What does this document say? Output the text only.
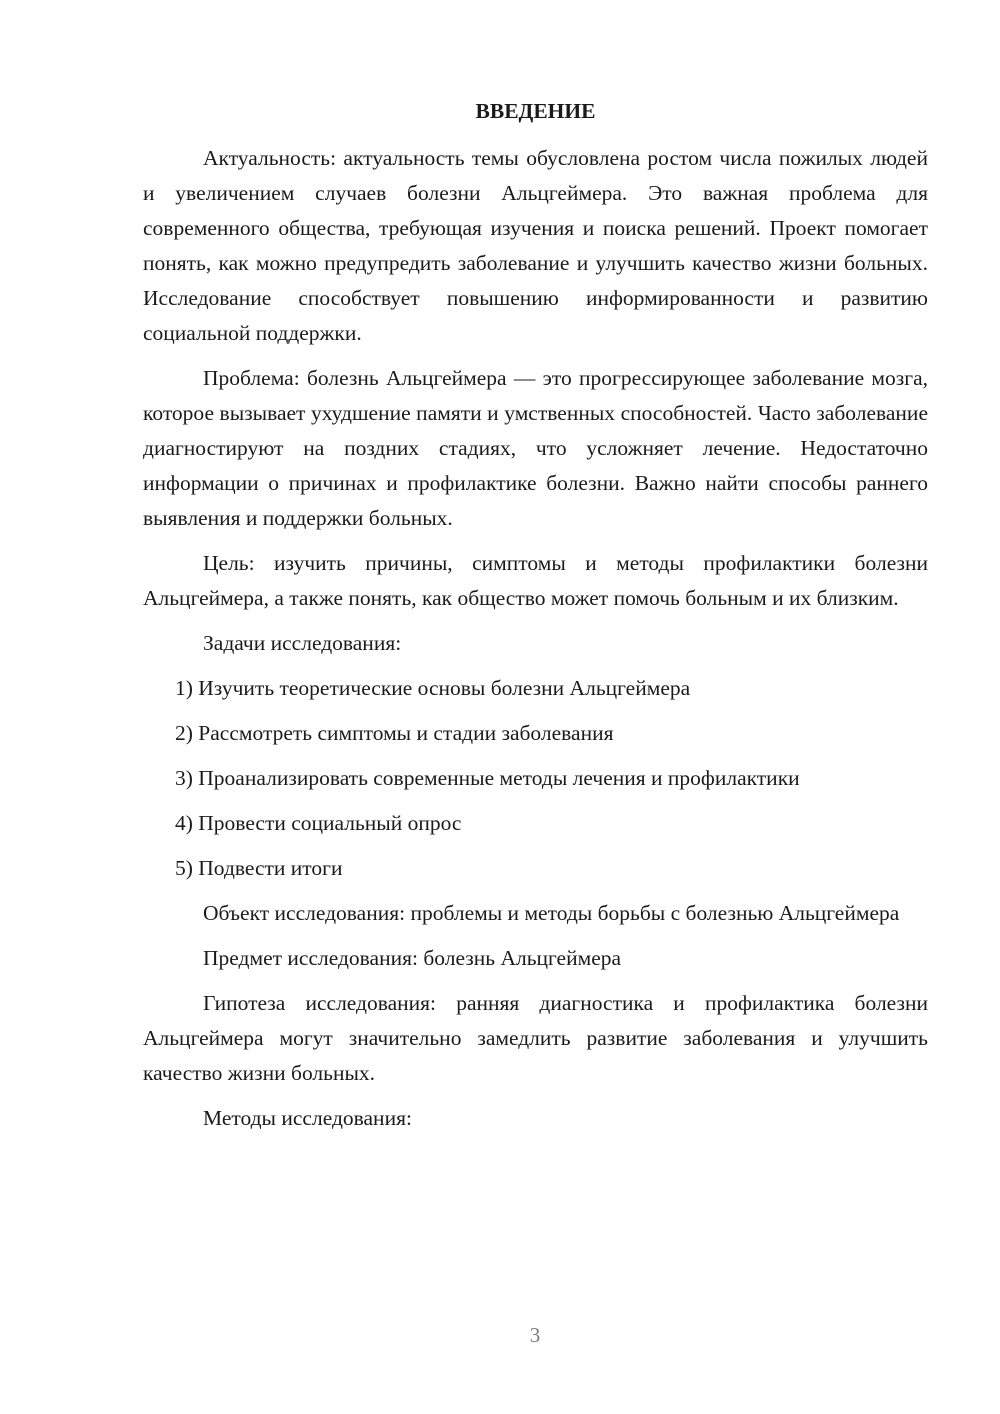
ВВЕДЕНИЕ

Актуальность: актуальность темы обусловлена ростом числа пожилых людей и увеличением случаев болезни Альцгеймера. Это важная проблема для современного общества, требующая изучения и поиска решений. Проект помогает понять, как можно предупредить заболевание и улучшить качество жизни больных. Исследование способствует повышению информированности и развитию социальной поддержки.

Проблема: болезнь Альцгеймера — это прогрессирующее заболевание мозга, которое вызывает ухудшение памяти и умственных способностей. Часто заболевание диагностируют на поздних стадиях, что усложняет лечение. Недостаточно информации о причинах и профилактике болезни. Важно найти способы раннего выявления и поддержки больных.

Цель: изучить причины, симптомы и методы профилактики болезни Альцгеймера, а также понять, как общество может помочь больным и их близким.

Задачи исследования:

1) Изучить теоретические основы болезни Альцгеймера
2) Рассмотреть симптомы и стадии заболевания
3) Проанализировать современные методы лечения и профилактики
4) Провести социальный опрос
5) Подвести итоги

Объект исследования: проблемы и методы борьбы с болезнью Альцгеймера

Предмет исследования: болезнь Альцгеймера

Гипотеза исследования: ранняя диагностика и профилактика болезни Альцгеймера могут значительно замедлить развитие заболевания и улучшить качество жизни больных.

Методы исследования:

3
